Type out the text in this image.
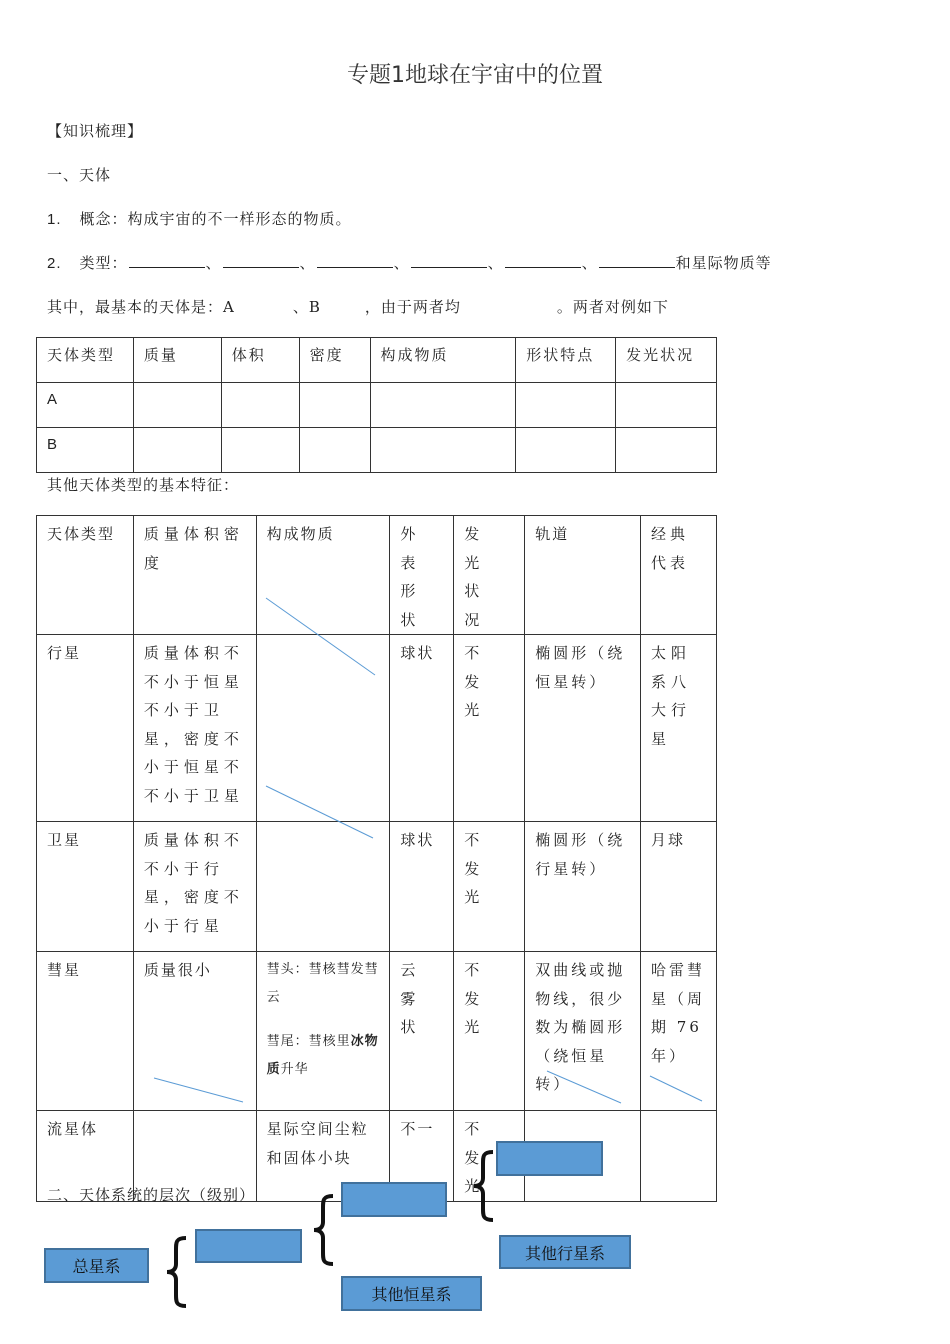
专题1地球在宇宙中的位置
【知识梳理】
一、天体
1. 概念：构成宇宙的不一样形态的物质。
2. 类型：	、	、	、	、	、	和星际物质等
其中，最基本的天体是：A	、B	，由于两者均	。两者对例如下
天体类型	质量	体积	密度	构成物质	形状特点	发光状况
A						
B						
其他天体类型的基本特征：
天体类型	质量体积密度	构成物质	外表形状	发光状况	轨道	经典代表
行星	质量体积不不小于恒星不小于卫星，密度不小于恒星不不小于卫星		球状	不发光	椭圆形（绕恒星转）	太阳系八大行星
卫星	质量体积不不小于行星，密度不小于行星		球状	不发光	椭圆形（绕行星转）	月球
彗星	质量很小	彗头：彗核彗发彗云
彗尾：彗核里冰物质升华	云雾状	不发光	双曲线或抛物线，很少数为椭圆形（绕恒星转）	哈雷彗星（周期 76年）
流星体		星际空间尘粒和固体小块	不一	不发光		
二、天体系统的层次（级别）
总星系
其他恒星系
其他行星系
